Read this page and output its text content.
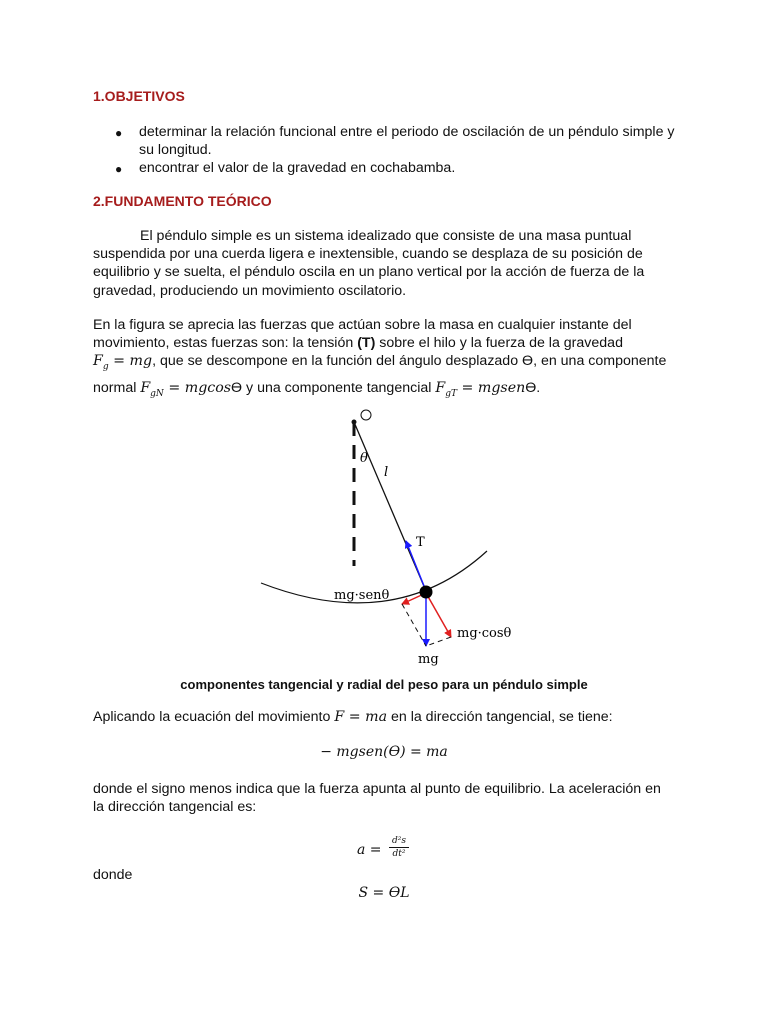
1.OBJETIVOS
● determinar la relación funcional entre el periodo de oscilación de un péndulo simple y
su longitud.
● encontrar el valor de la gravedad en cochabamba.
2.FUNDAMENTO TEÓRICO
El péndulo simple es un sistema idealizado que consiste de una masa puntual
suspendida por una cuerda ligera e inextensible, cuando se desplaza de su posición de
equilibrio y se suelta, el péndulo oscila en un plano vertical por la acción de fuerza de la
gravedad, produciendo un movimiento oscilatorio.
En la figura se aprecia las fuerzas que actúan sobre la masa en cualquier instante del
movimiento, estas fuerzas son: la tensión (T) sobre el hilo y la fuerza de la gravedad
$F_g$ = mg, que se descompone en la función del ángulo desplazado ϴ, en una componente
normal $F_{gN} = mgcosϴ$ y una componente tangencial $F_{gT}$ = mgsenϴ.
θ
l
T
mg·senθ
mg·cosθ
mg
componentes tangencial y radial del peso para un péndulo simple
Aplicando la ecuación del movimiento F = ma en la dirección tangencial, se tiene:
− mgsen(ϴ) = ma
donde el signo menos indica que la fuerza apunta al punto de equilibrio. La aceleración en
la dirección tangencial es:
$a = \frac{\text{d²s}}{\text{dt²}}$
donde
S = ϴL
